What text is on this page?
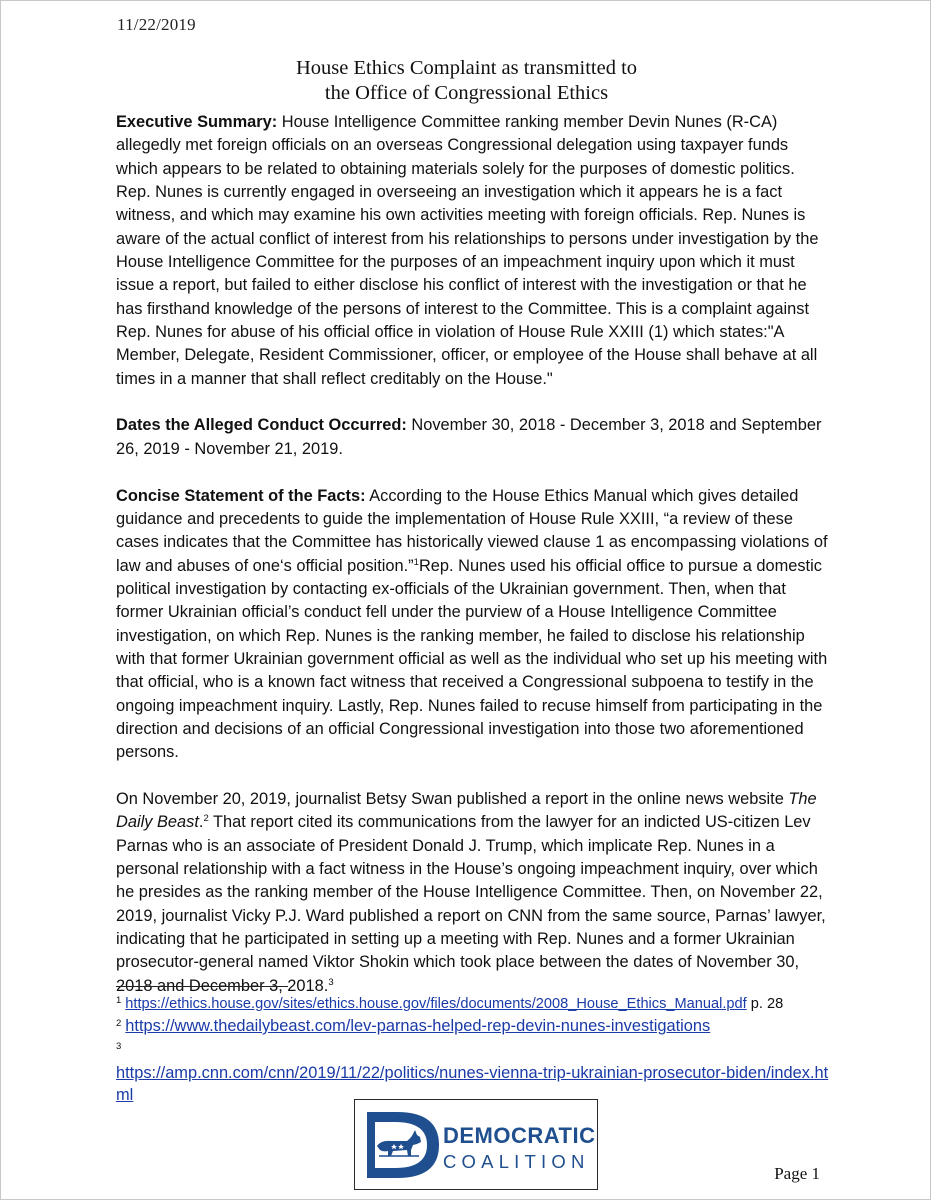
11/22/2019
House Ethics Complaint as transmitted to
the Office of Congressional Ethics

Executive Summary: House Intelligence Committee ranking member Devin Nunes (R-CA) allegedly met foreign officials on an overseas Congressional delegation using taxpayer funds which appears to be related to obtaining materials solely for the purposes of domestic politics. Rep. Nunes is currently engaged in overseeing an investigation which it appears he is a fact witness, and which may examine his own activities meeting with foreign officials. Rep. Nunes is aware of the actual conflict of interest from his relationships to persons under investigation by the House Intelligence Committee for the purposes of an impeachment inquiry upon which it must issue a report, but failed to either disclose his conflict of interest with the investigation or that he has firsthand knowledge of the persons of interest to the Committee. This is a complaint against Rep. Nunes for abuse of his official office in violation of House Rule XXIII (1) which states:"A Member, Delegate, Resident Commissioner, officer, or employee of the House shall behave at all times in a manner that shall reflect creditably on the House."

Dates the Alleged Conduct Occurred: November 30, 2018 - December 3, 2018 and September 26, 2019 - November 21, 2019.

Concise Statement of the Facts: According to the House Ethics Manual which gives detailed guidance and precedents to guide the implementation of House Rule XXIII, “a review of these cases indicates that the Committee has historically viewed clause 1 as encompassing violations of law and abuses of one‘s official position.”$^1$Rep. Nunes used his official office to pursue a domestic political investigation by contacting ex-officials of the Ukrainian government. Then, when that former Ukrainian official’s conduct fell under the purview of a House Intelligence Committee investigation, on which Rep. Nunes is the ranking member, he failed to disclose his relationship with that former Ukrainian government official as well as the individual who set up his meeting with that official, who is a known fact witness that received a Congressional subpoena to testify in the ongoing impeachment inquiry. Lastly, Rep. Nunes failed to recuse himself from participating in the direction and decisions of an official Congressional investigation into those two aforementioned persons.

On November 20, 2019, journalist Betsy Swan published a report in the online news website The Daily Beast.$^2$ That report cited its communications from the lawyer for an indicted US-citizen Lev Parnas who is an associate of President Donald J. Trump, which implicate Rep. Nunes in a personal relationship with a fact witness in the House’s ongoing impeachment inquiry, over which he presides as the ranking member of the House Intelligence Committee. Then, on November 22, 2019, journalist Vicky P.J. Ward published a report on CNN from the same source, Parnas’ lawyer, indicating that he participated in setting up a meeting with Rep. Nunes and a former Ukrainian prosecutor-general named Viktor Shokin which took place between the dates of November 30, 2018 and December 3, 2018.$^3$

$^1$ https://ethics.house.gov/sites/ethics.house.gov/files/documents/2008_House_Ethics_Manual.pdf p. 28
$^2$ https://www.thedailybeast.com/lev-parnas-helped-rep-devin-nunes-investigations
$^3$
https://amp.cnn.com/cnn/2019/11/22/politics/nunes-vienna-trip-ukrainian-prosecutor-biden/index.html
DEMOCRATIC
COALITION
Page 1
